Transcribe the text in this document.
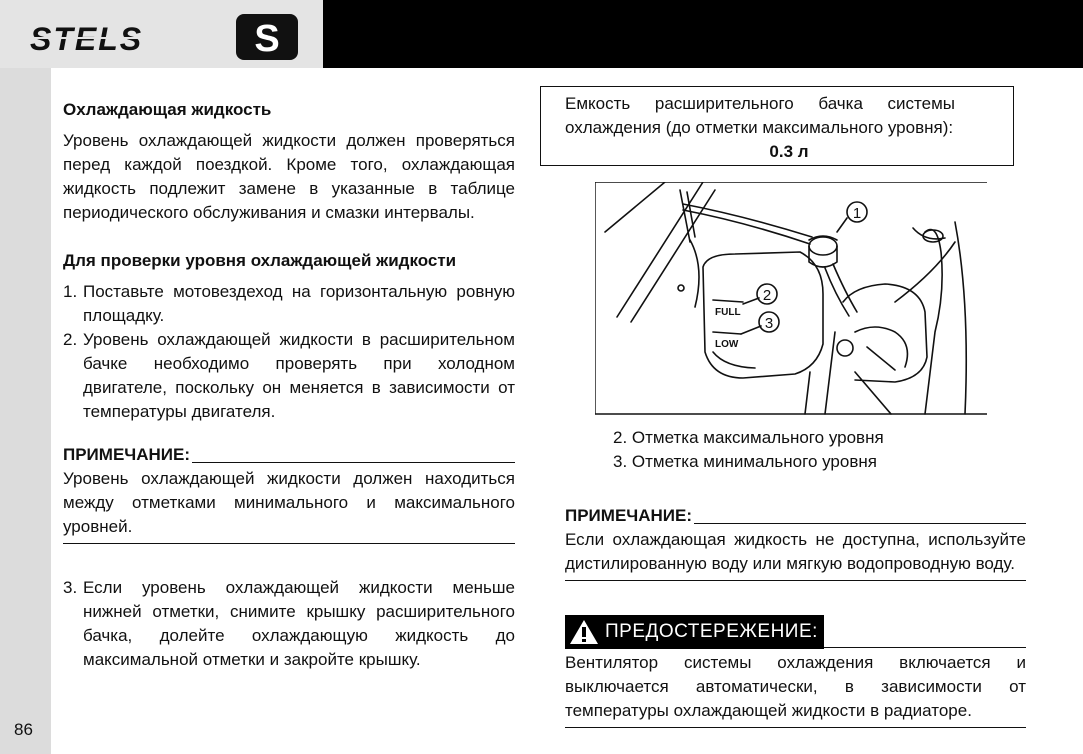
STELS	S
86
Охлаждающая жидкость

Уровень охлаждающей жидкости должен проверяться перед каждой поездкой. Кроме того, охлаждающая жидкость подлежит замене в указанные в таблице периодического обслуживания и смазки интервалы.

Для проверки уровня охлаждающей жидкости
1. Поставьте мотовездеход на горизонтальную ровную площадку.
2. Уровень охлаждающей жидкости в расширительном бачке необходимо проверять при холодном двигателе, поскольку он меняется в зависимости от температуры двигателя.
ПРИМЕЧАНИЕ:

Уровень охлаждающей жидкости должен находиться между отметками минимального и максимального уровней.

3. Если уровень охлаждающей жидкости меньше нижней отметки, снимите крышку расширительного бачка, долейте охлаждающую жидкость до максимальной отметки и закройте крышку.

Емкость расширительного бачка системы охлаждения (до отметки максимального уровня):

0.3 л

1
2
3
FULL
LOW

2. Отметка максимального уровня

3. Отметка минимального уровня

ПРИМЕЧАНИЕ:

Если охлаждающая жидкость не доступна, используйте дистилированную воду или мягкую водопроводную воду.

ПРЕДОСТЕРЕЖЕНИЕ:

Вентилятор системы охлаждения включается и выключается автоматически, в зависимости от температуры охлаждающей жидкости в радиаторе.
